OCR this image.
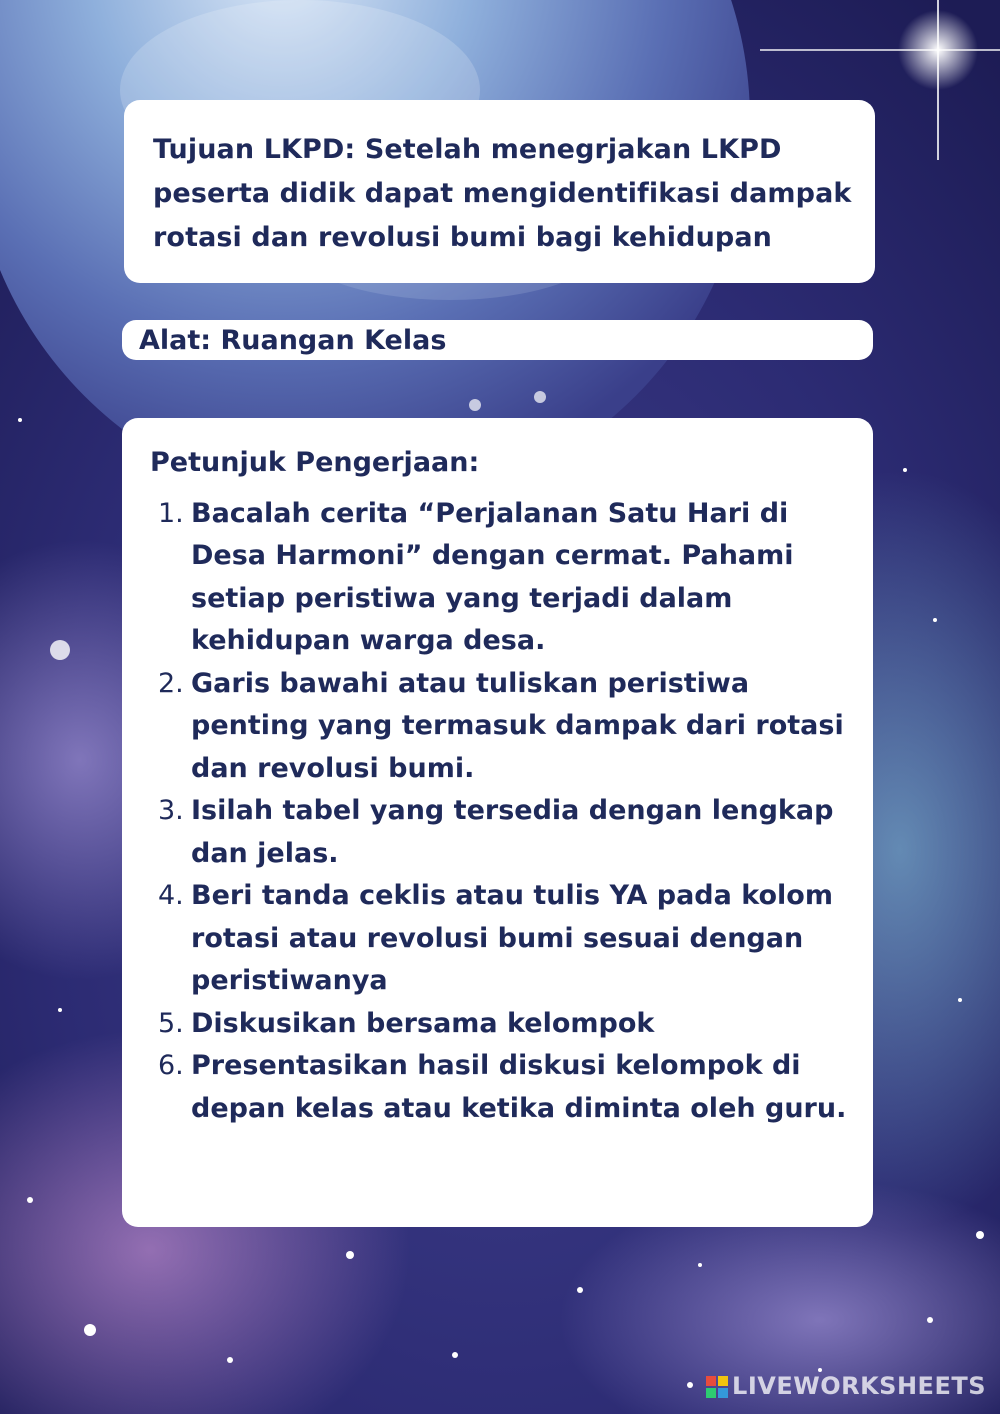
Tujuan LKPD: Setelah menegrjakan LKPD
peserta didik dapat mengidentifikasi dampak
rotasi dan revolusi bumi bagi kehidupan
Alat: Ruangan Kelas
Petunjuk Pengerjaan:
1. Bacalah cerita “Perjalanan Satu Hari di Desa Harmoni” dengan cermat. Pahami setiap peristiwa yang terjadi dalam kehidupan warga desa.
2. Garis bawahi atau tuliskan peristiwa penting yang termasuk dampak dari rotasi dan revolusi bumi.
3. Isilah tabel yang tersedia dengan lengkap dan jelas.
4. Beri tanda ceklis atau tulis YA pada kolom rotasi atau revolusi bumi sesuai dengan peristiwanya
5. Diskusikan bersama kelompok
6. Presentasikan hasil diskusi kelompok di depan kelas atau ketika diminta oleh guru.
LIVEWORKSHEETS
